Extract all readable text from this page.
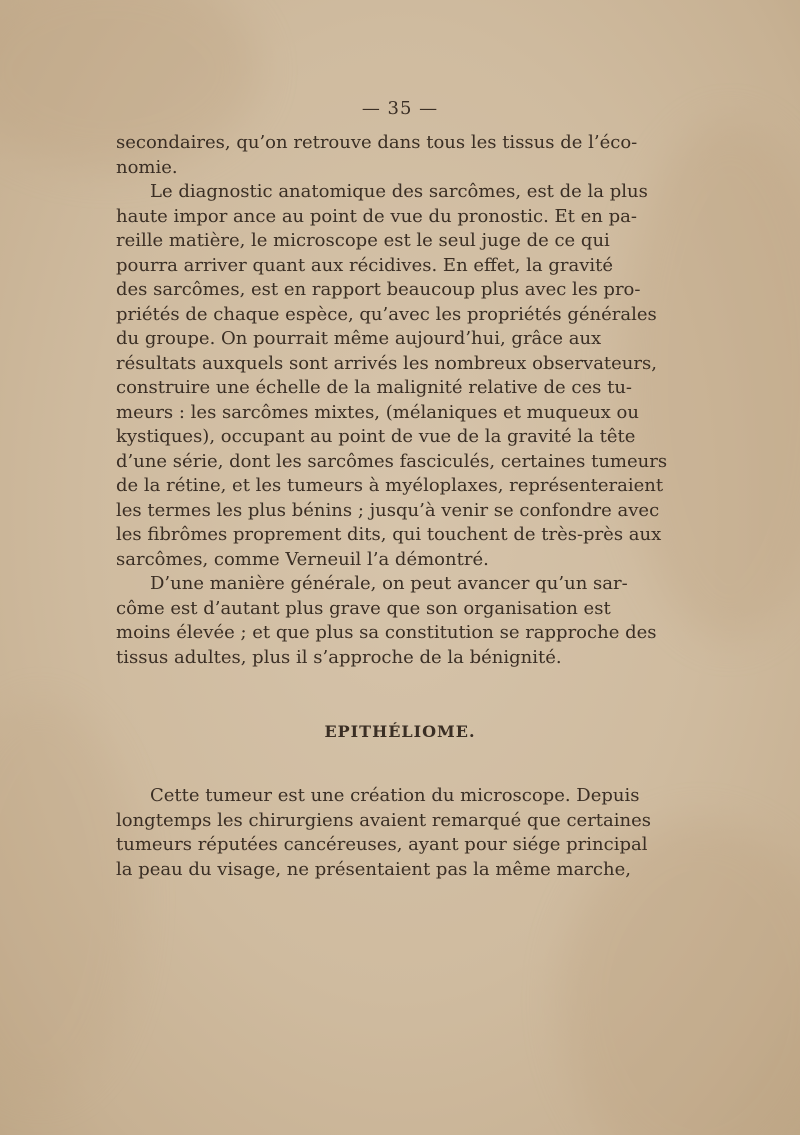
— 35 —
secondaires, qu’on retrouve dans tous les tissus de l’éco-
nomie.
Le diagnostic anatomique des sarcômes, est de la plus
haute impor ance au point de vue du pronostic. Et en pa-
reille matière, le microscope est le seul juge de ce qui
pourra arriver quant aux récidives. En effet, la gravité
des sarcômes, est en rapport beaucoup plus avec les pro-
priétés de chaque espèce, qu’avec les propriétés générales
du groupe. On pourrait même aujourd’hui, grâce aux
résultats auxquels sont arrivés les nombreux observateurs,
construire une échelle de la malignité relative de ces tu-
meurs : les sarcômes mixtes, (mélaniques et muqueux ou
kystiques), occupant au point de vue de la gravité la tête
d’une série, dont les sarcômes fasciculés, certaines tumeurs
de la rétine, et les tumeurs à myéloplaxes, représenteraient
les termes les plus bénins ; jusqu’à venir se confondre avec
les fibrômes proprement dits, qui touchent de très-près aux
sarcômes, comme Verneuil l’a démontré.
D’une manière générale, on peut avancer qu’un sar-
côme est d’autant plus grave que son organisation est
moins élevée ; et que plus sa constitution se rapproche des
tissus adultes, plus il s’approche de la bénignité.
EPITHÉLIOME.
Cette tumeur est une création du microscope. Depuis
longtemps les chirurgiens avaient remarqué que certaines
tumeurs réputées cancéreuses, ayant pour siége principal
la peau du visage, ne présentaient pas la même marche,
